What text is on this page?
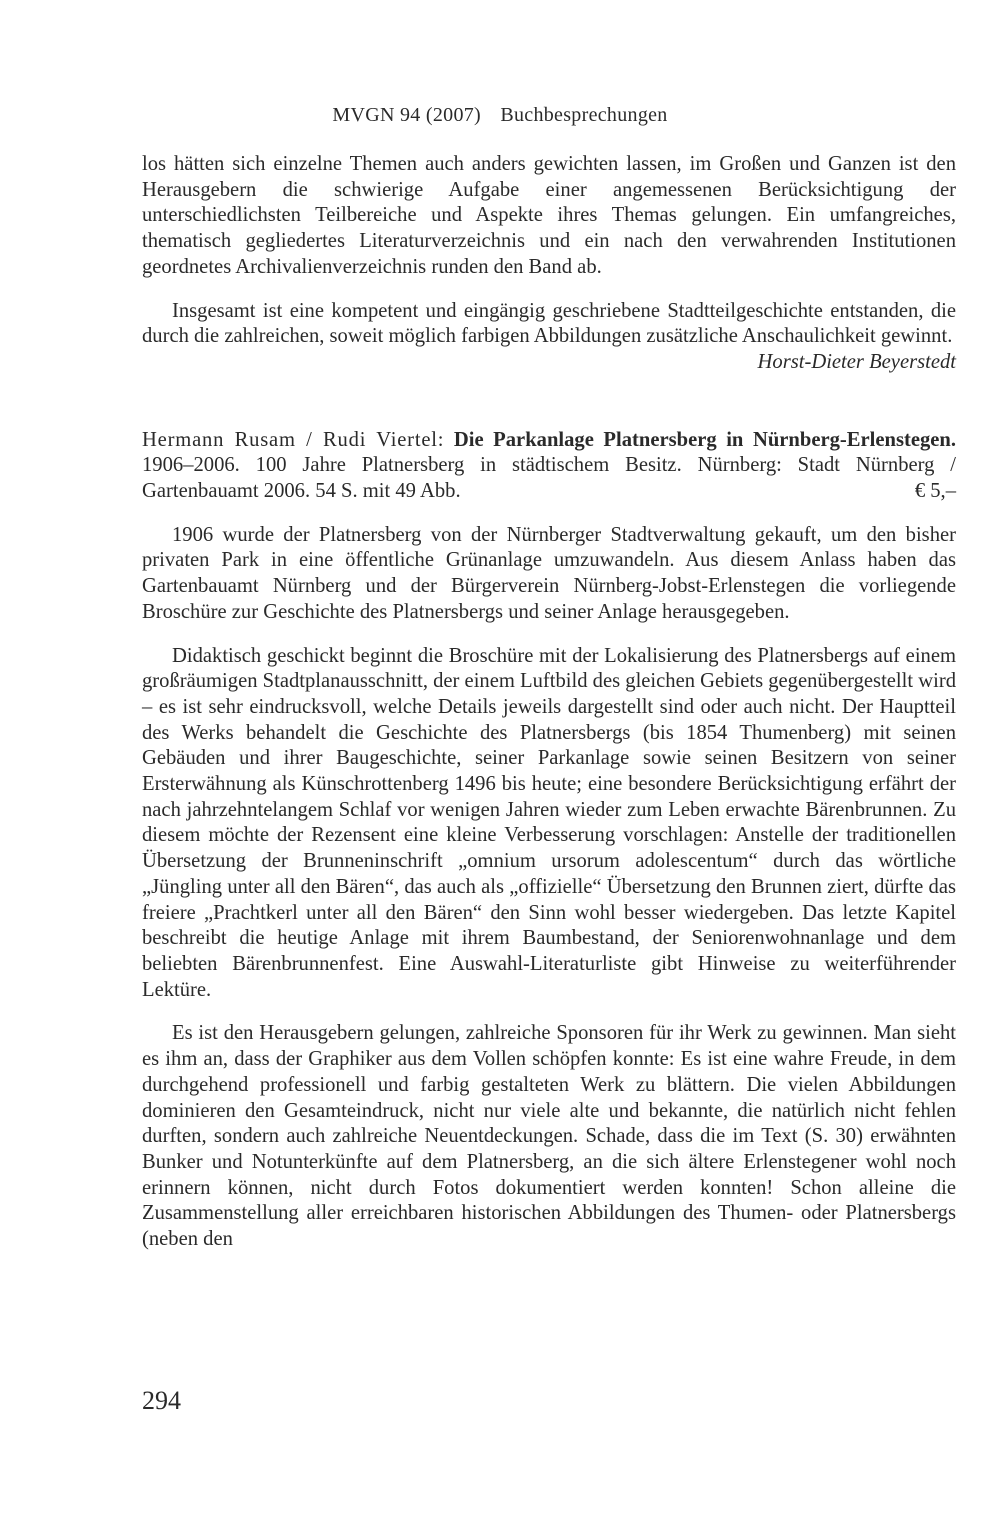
MVGN 94 (2007) Buchbesprechungen

los hätten sich einzelne Themen auch anders gewichten lassen, im Großen und Ganzen ist den Herausgebern die schwierige Aufgabe einer angemessenen Berücksichtigung der unterschiedlichsten Teilbereiche und Aspekte ihres Themas gelungen. Ein umfangreiches, thematisch gegliedertes Literaturverzeichnis und ein nach den verwahrenden Institutionen geordnetes Archivalienverzeichnis runden den Band ab.

Insgesamt ist eine kompetent und eingängig geschriebene Stadtteilgeschichte entstanden, die durch die zahlreichen, soweit möglich farbigen Abbildungen zusätzliche Anschaulichkeit gewinnt.
Horst-Dieter Beyerstedt

Hermann Rusam / Rudi Viertel: Die Parkanlage Platnersberg in Nürnberg-Erlenstegen. 1906–2006. 100 Jahre Platnersberg in städtischem Besitz. Nürnberg: Stadt Nürnberg / Gartenbauamt 2006. 54 S. mit 49 Abb.	€ 5,–

1906 wurde der Platnersberg von der Nürnberger Stadtverwaltung gekauft, um den bisher privaten Park in eine öffentliche Grünanlage umzuwandeln. Aus diesem Anlass haben das Gartenbauamt Nürnberg und der Bürgerverein Nürnberg-Jobst-Erlenstegen die vorliegende Broschüre zur Geschichte des Platnersbergs und seiner Anlage herausgegeben.

Didaktisch geschickt beginnt die Broschüre mit der Lokalisierung des Platnersbergs auf einem großräumigen Stadtplanausschnitt, der einem Luftbild des gleichen Gebiets gegenübergestellt wird – es ist sehr eindrucksvoll, welche Details jeweils dargestellt sind oder auch nicht. Der Hauptteil des Werks behandelt die Geschichte des Platnersbergs (bis 1854 Thumenberg) mit seinen Gebäuden und ihrer Baugeschichte, seiner Parkanlage sowie seinen Besitzern von seiner Ersterwähnung als Künschrottenberg 1496 bis heute; eine besondere Berücksichtigung erfährt der nach jahrzehntelangem Schlaf vor wenigen Jahren wieder zum Leben erwachte Bärenbrunnen. Zu diesem möchte der Rezensent eine kleine Verbesserung vorschlagen: Anstelle der traditionellen Übersetzung der Brunneninschrift „omnium ursorum adolescentum“ durch das wörtliche „Jüngling unter all den Bären“, das auch als „offizielle“ Übersetzung den Brunnen ziert, dürfte das freiere „Prachtkerl unter all den Bären“ den Sinn wohl besser wiedergeben. Das letzte Kapitel beschreibt die heutige Anlage mit ihrem Baumbestand, der Seniorenwohnanlage und dem beliebten Bärenbrunnenfest. Eine Auswahl-Literaturliste gibt Hinweise zu weiterführender Lektüre.

Es ist den Herausgebern gelungen, zahlreiche Sponsoren für ihr Werk zu gewinnen. Man sieht es ihm an, dass der Graphiker aus dem Vollen schöpfen konnte: Es ist eine wahre Freude, in dem durchgehend professionell und farbig gestalteten Werk zu blättern. Die vielen Abbildungen dominieren den Gesamteindruck, nicht nur viele alte und bekannte, die natürlich nicht fehlen durften, sondern auch zahlreiche Neuentdeckungen. Schade, dass die im Text (S. 30) erwähnten Bunker und Notunterkünfte auf dem Platnersberg, an die sich ältere Erlenstegener wohl noch erinnern können, nicht durch Fotos dokumentiert werden konnten! Schon alleine die Zusammenstellung aller erreichbaren historischen Abbildungen des Thumen- oder Platnersbergs (neben den

294
